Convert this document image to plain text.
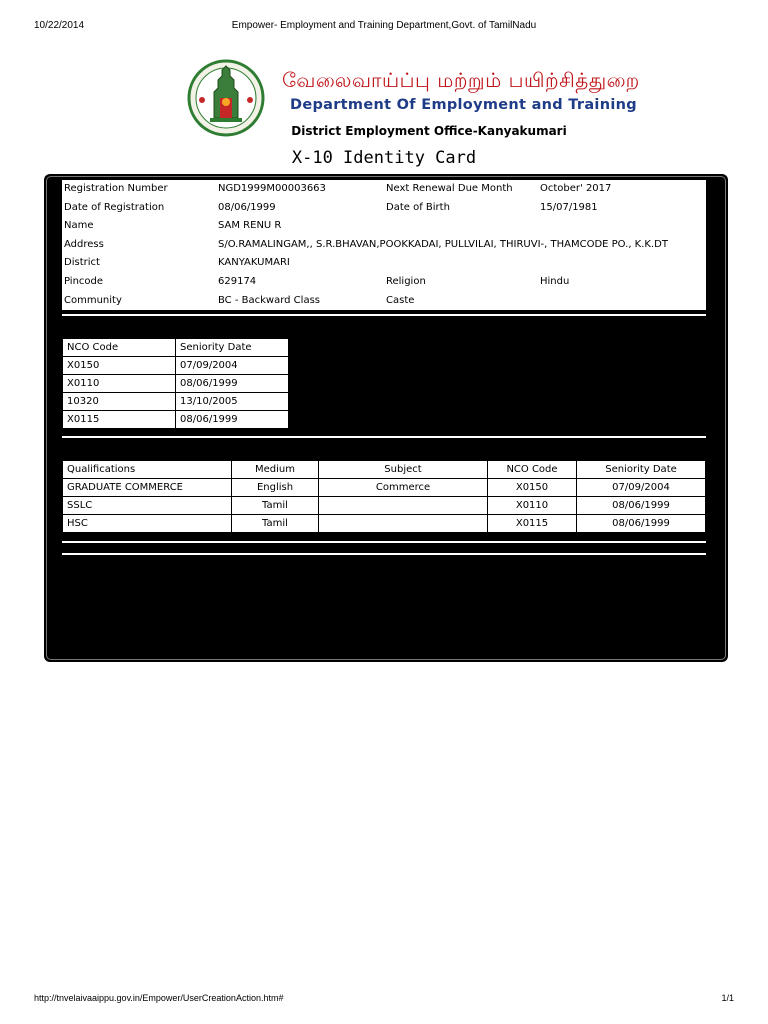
10/22/2014	Empower- Employment and Training Department,Govt. of TamilNadu
வேலைவாய்ப்பு மற்றும் பயிற்சித்துறை
Department Of Employment and Training
District Employment Office-Kanyakumari
X-10 Identity Card
Registration Number	NGD1999M00003663	Next Renewal Due Month	October' 2017
Date of Registration	08/06/1999	Date of Birth	15/07/1981
Name	SAM RENU R
Address	S/O.RAMALINGAM,, S.R.BHAVAN,POOKKADAI, PULLVILAI, THIRUVI-, THAMCODE PO., K.K.DT
District	KANYAKUMARI
Pincode	629174	Religion	Hindu
Community	BC - Backward Class	Caste
NCO Code	Seniority Date
X0150	07/09/2004
X0110	08/06/1999
10320	13/10/2005
X0115	08/06/1999
Qualifications	Medium	Subject	NCO Code	Seniority Date
GRADUATE COMMERCE	English	Commerce	X0150	07/09/2004
SSLC	Tamil		X0110	08/06/1999
HSC	Tamil		X0115	08/06/1999
http://tnvelaivaaippu.gov.in/Empower/UserCreationAction.htm#	1/1
